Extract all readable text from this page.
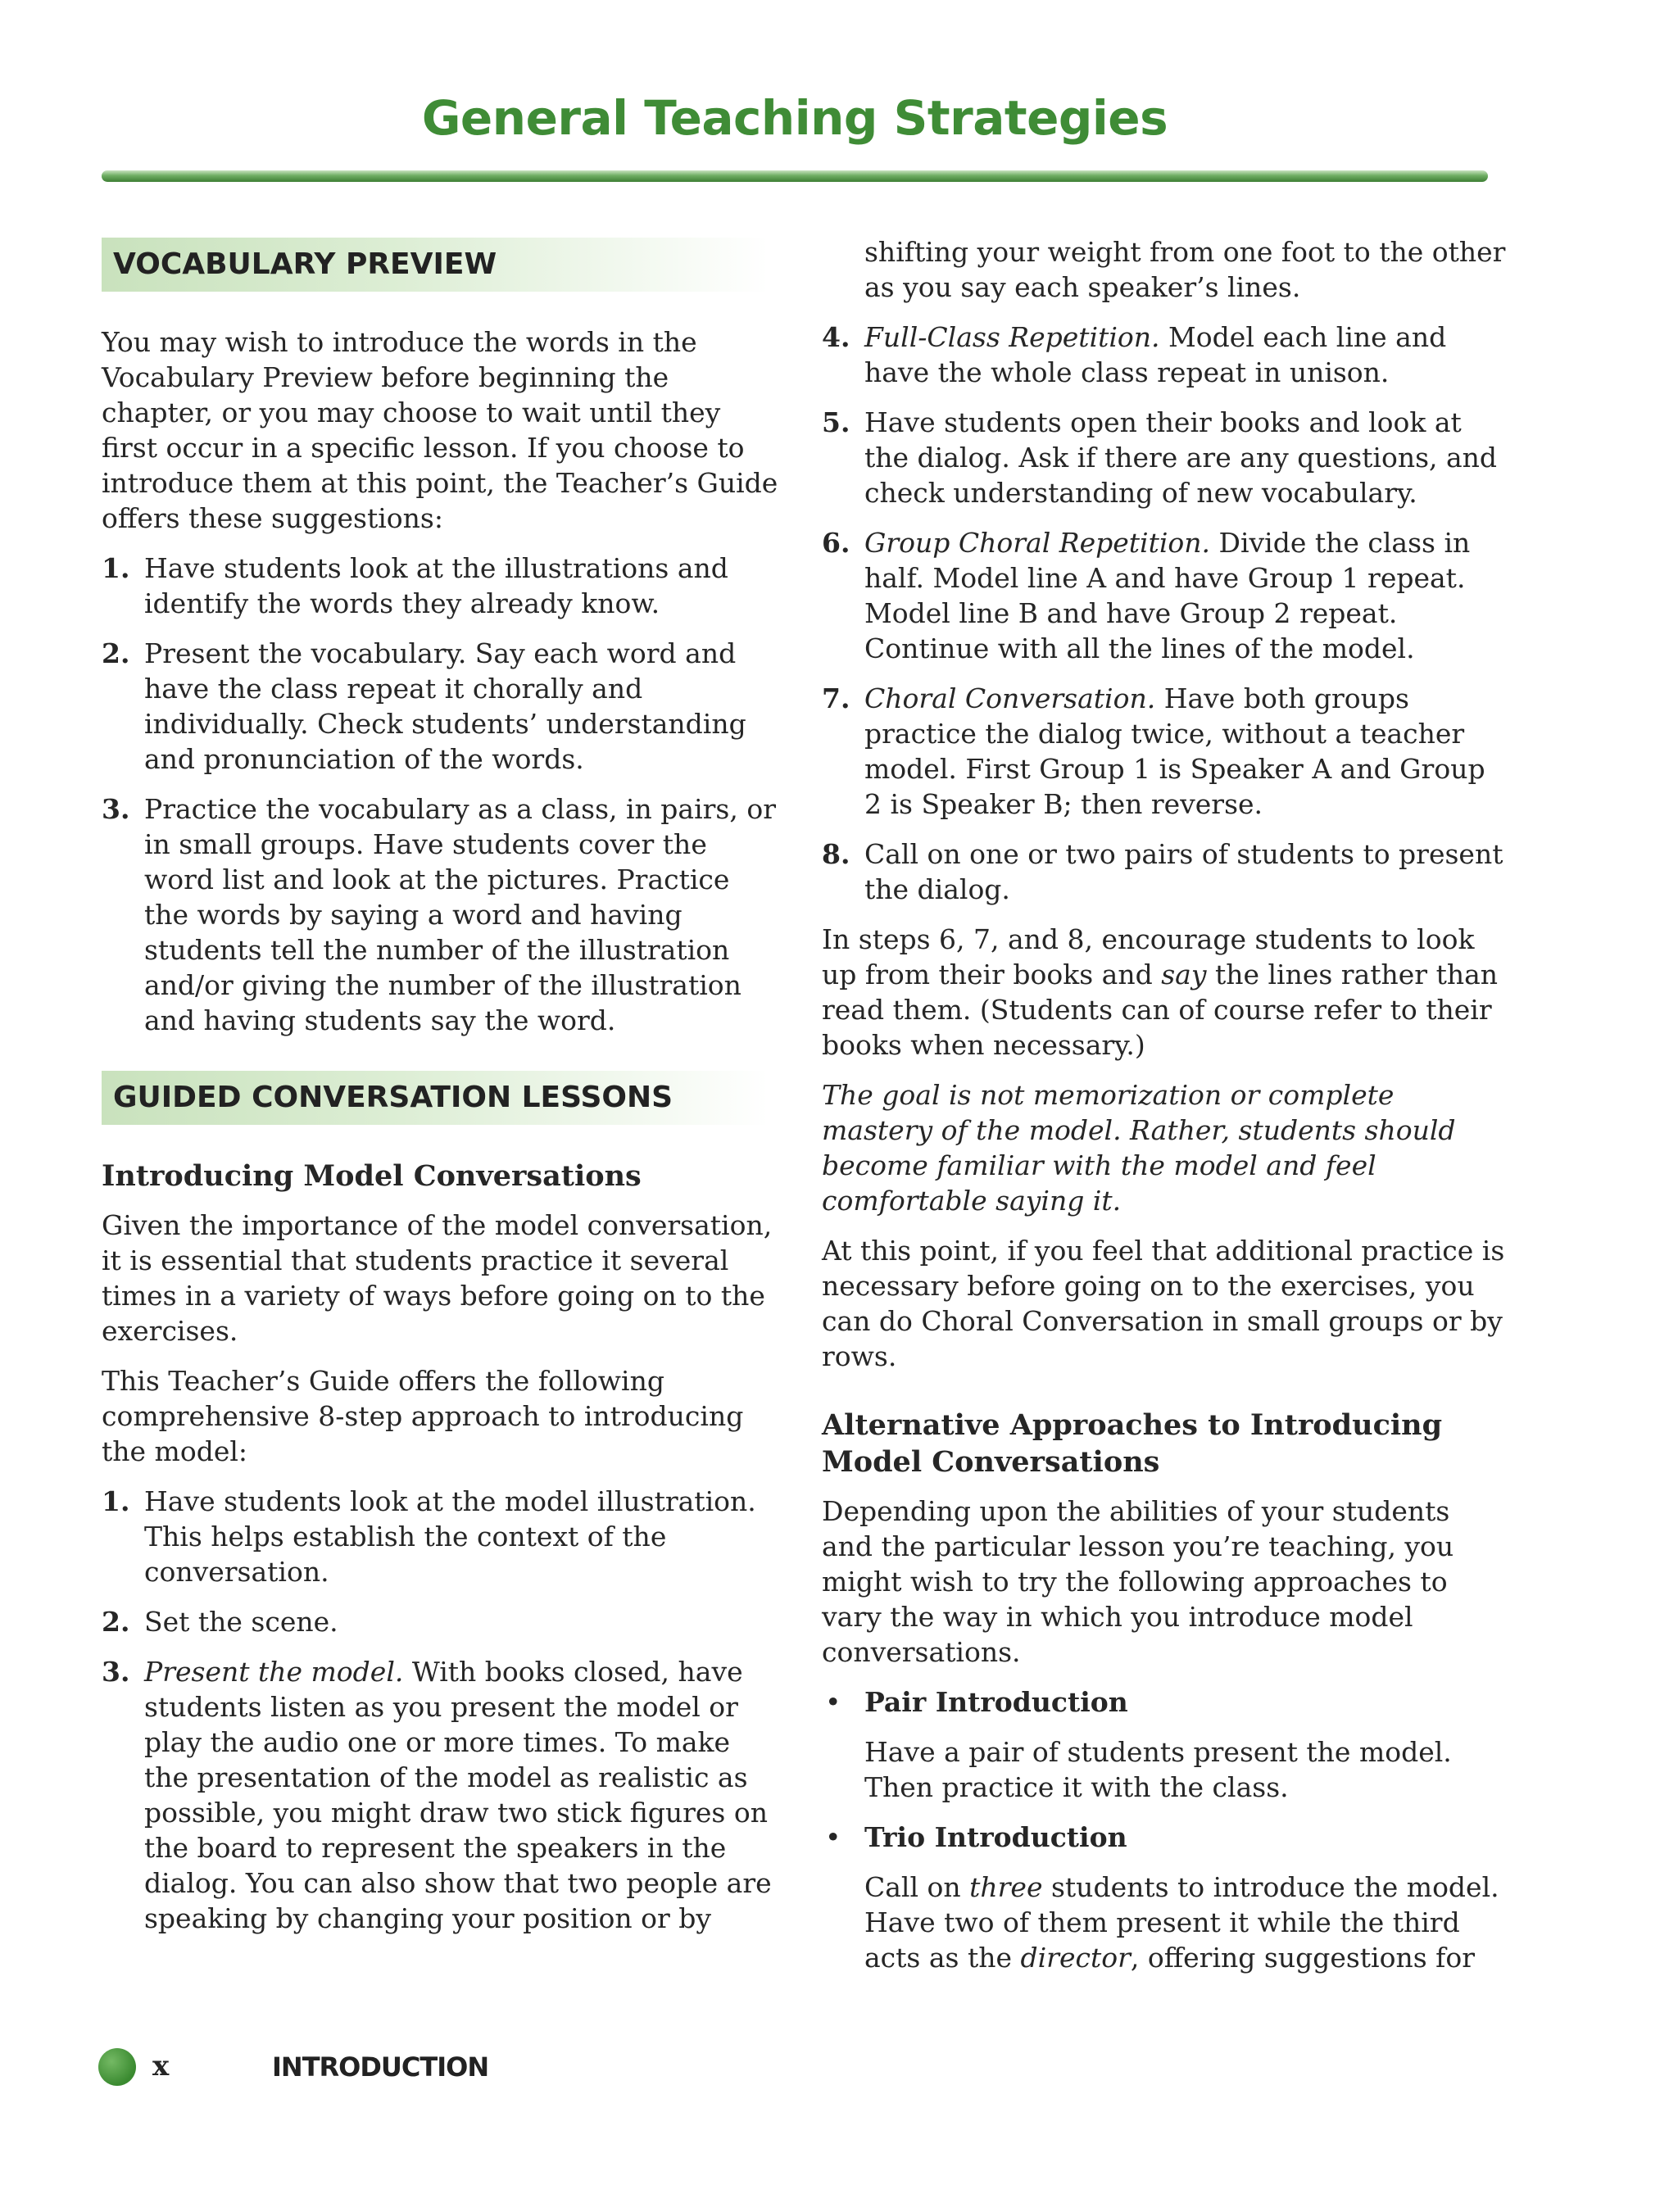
General Teaching Strategies
VOCABULARY PREVIEW

You may wish to introduce the words in the Vocabulary Preview before beginning the chapter, or you may choose to wait until they first occur in a specific lesson. If you choose to introduce them at this point, the Teacher’s Guide offers these suggestions:

1. Have students look at the illustrations and identify the words they already know.
2. Present the vocabulary. Say each word and have the class repeat it chorally and individually. Check students’ understanding and pronunciation of the words.
3. Practice the vocabulary as a class, in pairs, or in small groups. Have students cover the word list and look at the pictures. Practice the words by saying a word and having students tell the number of the illustration and/or giving the number of the illustration and having students say the word.
GUIDED CONVERSATION LESSONS
Introducing Model Conversations

Given the importance of the model conversation, it is essential that students practice it several times in a variety of ways before going on to the exercises.

This Teacher’s Guide offers the following comprehensive 8-step approach to introducing the model:

1. Have students look at the model illustration. This helps establish the context of the conversation.
2. Set the scene.
3. Present the model. With books closed, have students listen as you present the model or play the audio one or more times. To make the presentation of the model as realistic as possible, you might draw two stick figures on the board to represent the speakers in the dialog. You can also show that two people are speaking by changing your position or by
shifting your weight from one foot to the other as you say each speaker’s lines.
4. Full-Class Repetition. Model each line and have the whole class repeat in unison.
5. Have students open their books and look at the dialog. Ask if there are any questions, and check understanding of new vocabulary.
6. Group Choral Repetition. Divide the class in half. Model line A and have Group 1 repeat. Model line B and have Group 2 repeat. Continue with all the lines of the model.
7. Choral Conversation. Have both groups practice the dialog twice, without a teacher model. First Group 1 is Speaker A and Group 2 is Speaker B; then reverse.
8. Call on one or two pairs of students to present the dialog.

In steps 6, 7, and 8, encourage students to look up from their books and say the lines rather than read them. (Students can of course refer to their books when necessary.)

The goal is not memorization or complete mastery of the model. Rather, students should become familiar with the model and feel comfortable saying it.

At this point, if you feel that additional practice is necessary before going on to the exercises, you can do Choral Conversation in small groups or by rows.

Alternative Approaches to Introducing Model Conversations

Depending upon the abilities of your students and the particular lesson you’re teaching, you might wish to try the following approaches to vary the way in which you introduce model conversations.

• Pair Introduction
Have a pair of students present the model. Then practice it with the class.
• Trio Introduction
Call on three students to introduce the model. Have two of them present it while the third acts as the director, offering suggestions for
x	INTRODUCTION
